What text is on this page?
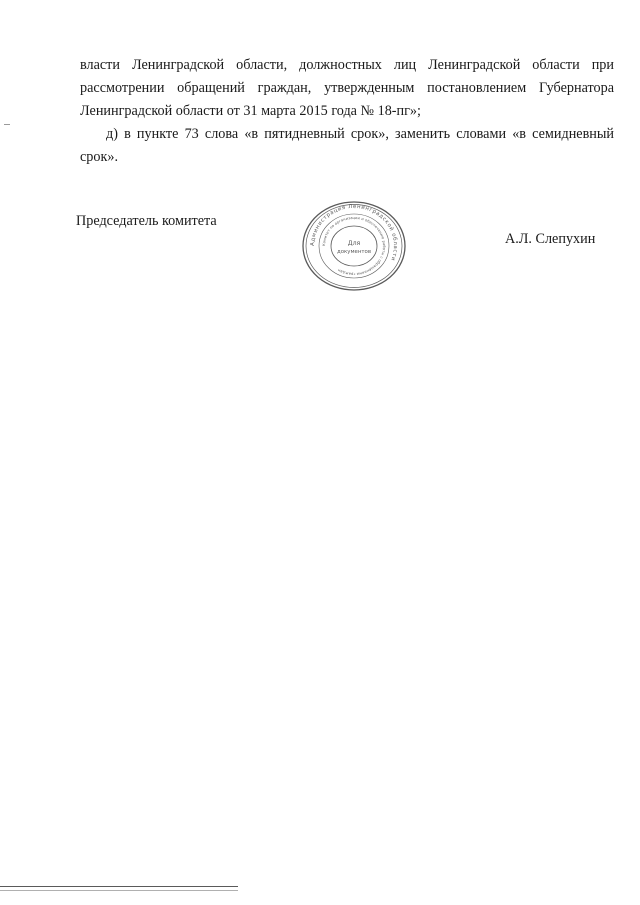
власти Ленинградской области, должностных лиц Ленинградской области при рассмотрении обращений граждан, утвержденным постановлением Губернатора Ленинградской области от 31 марта 2015 года № 18-пг»;

д) в пункте 73 слова «в пятидневный срок», заменить словами «в семидневный срок».

Председатель комитета
Администрация Ленинградской области
Комитет по организации и обеспечению работы с обращениями граждан
Для
документов
А.Л. Слепухин
